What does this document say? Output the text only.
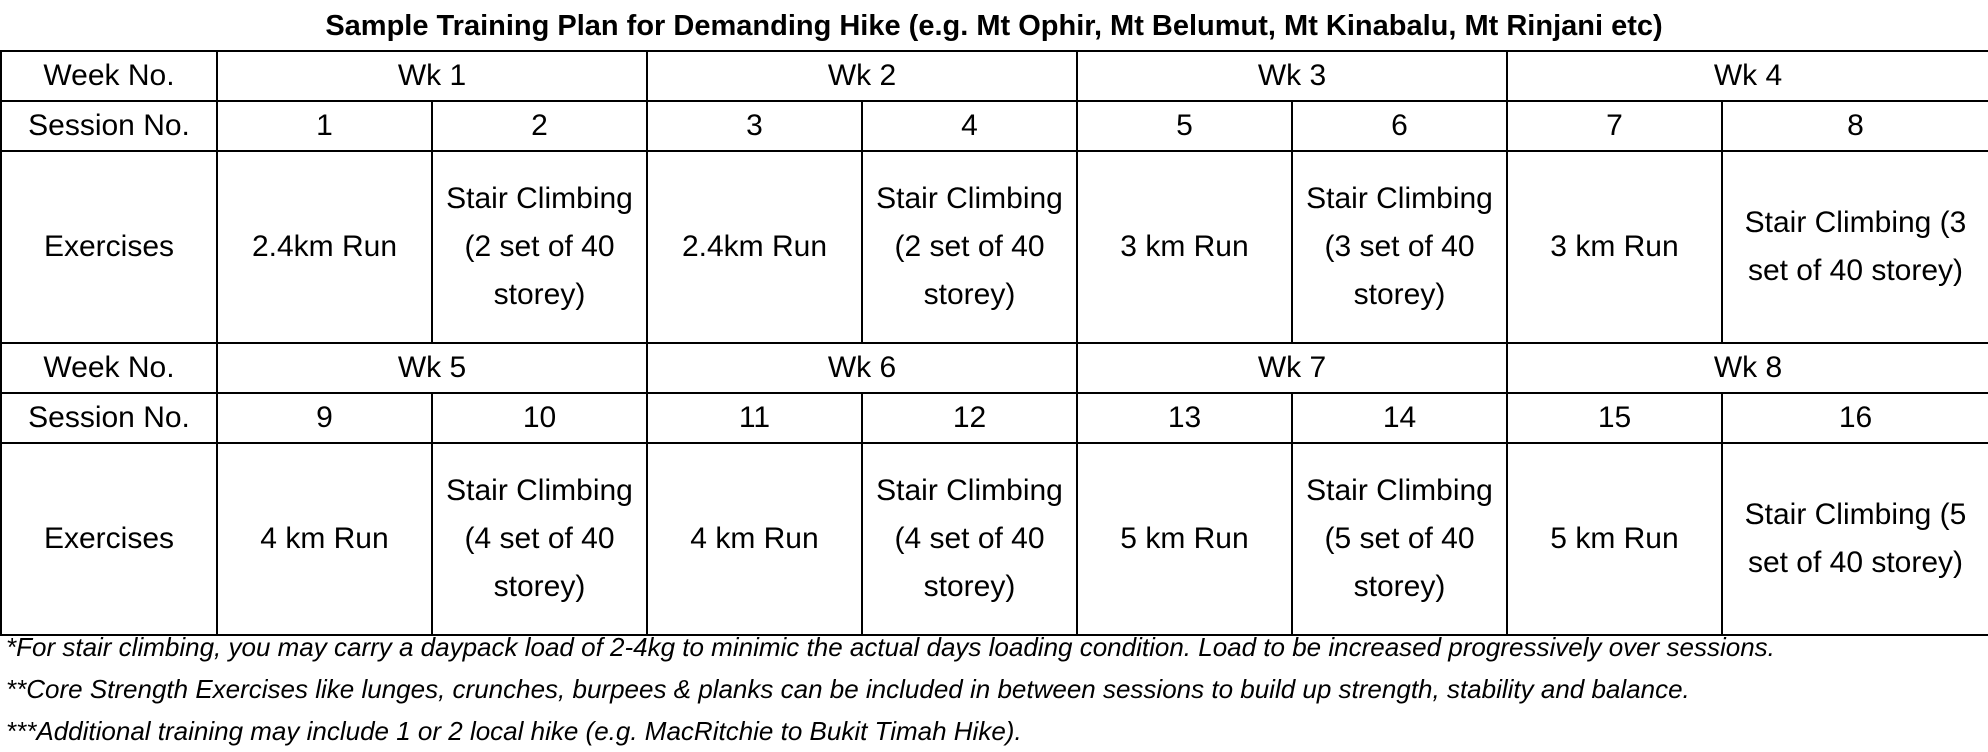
Sample Training Plan for Demanding Hike (e.g. Mt Ophir, Mt Belumut, Mt Kinabalu, Mt Rinjani etc)
Week No.	Wk 1		Wk 2		Wk 3		Wk 4	
Session No.	1	2	3	4	5	6	7	8
Exercises	2.4km Run	Stair Climbing (2 set of 40 storey)	2.4km Run	Stair Climbing (2 set of 40 storey)	3 km Run	Stair Climbing (3 set of 40 storey)	3 km Run	Stair Climbing (3 set of 40 storey)

Week No.	Wk 5		Wk 6		Wk 7		Wk 8	
Session No.	9	10	11	12	13	14	15	16
Exercises	4 km Run	Stair Climbing (4 set of 40 storey)	4 km Run	Stair Climbing (4 set of 40 storey)	5 km Run	Stair Climbing (5 set of 40 storey)	5 km Run	Stair Climbing (5 set of 40 storey)
*For stair climbing, you may carry a daypack load of 2-4kg to minimic the actual days loading condition. Load to be increased progressively over sessions.
**Core Strength Exercises like lunges, crunches, burpees & planks can be included in between sessions to build up strength, stability and balance.
***Additional training may include 1 or 2 local hike (e.g. MacRitchie to Bukit Timah Hike).
